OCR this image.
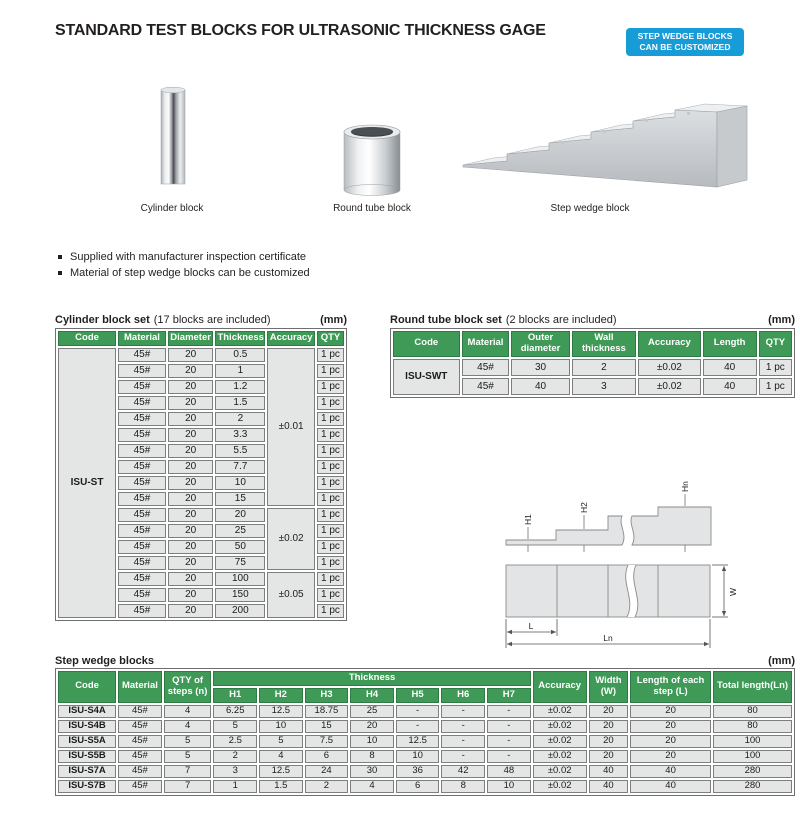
STANDARD TEST BLOCKS FOR ULTRASONIC THICKNESS GAGE	STEP WEDGE BLOCKS
CAN BE CUSTOMIZED
Cylinder block	Round tube block	Step wedge block
Supplied with manufacturer inspection certificate
Material of step wedge blocks can be customized
Cylinder block set (17 blocks are included)	(mm)
Code	Material	Diameter	Thickness	Accuracy	QTY
ISU-ST	45#	20	0.5	±0.01	1 pc
	45#	20	1		1 pc
	45#	20	1.2		1 pc
	45#	20	1.5		1 pc
	45#	20	2		1 pc
	45#	20	3.3		1 pc
	45#	20	5.5		1 pc
	45#	20	7.7		1 pc
	45#	20	10		1 pc
	45#	20	15		1 pc
	45#	20	20	±0.02	1 pc
	45#	20	25		1 pc
	45#	20	50		1 pc
	45#	20	75		1 pc
	45#	20	100	±0.05	1 pc
	45#	20	150		1 pc
	45#	20	200		1 pc
Round tube block set (2 blocks are included)	(mm)
Code	Material	Outer diameter	Wall thickness	Accuracy	Length	QTY
ISU-SWT	45#	30	2	±0.02	40	1 pc
	45#	40	3	±0.02	40	1 pc
H1
H2
Hn
W
L
Ln
Step wedge blocks	(mm)
Code	Material	QTY of steps (n)	Thickness							Accuracy	Width (W)	Length of each step (L)	Total length(Ln)
			H1	H2	H3	H4	H5	H6	H7				
ISU-S4A	45#	4	6.25	12.5	18.75	25	-	-	-	±0.02	20	20	80
ISU-S4B	45#	4	5	10	15	20	-	-	-	±0.02	20	20	80
ISU-S5A	45#	5	2.5	5	7.5	10	12.5	-	-	±0.02	20	20	100
ISU-S5B	45#	5	2	4	6	8	10	-	-	±0.02	20	20	100
ISU-S7A	45#	7	3	12.5	24	30	36	42	48	±0.02	40	40	280
ISU-S7B	45#	7	1	1.5	2	4	6	8	10	±0.02	40	40	280
